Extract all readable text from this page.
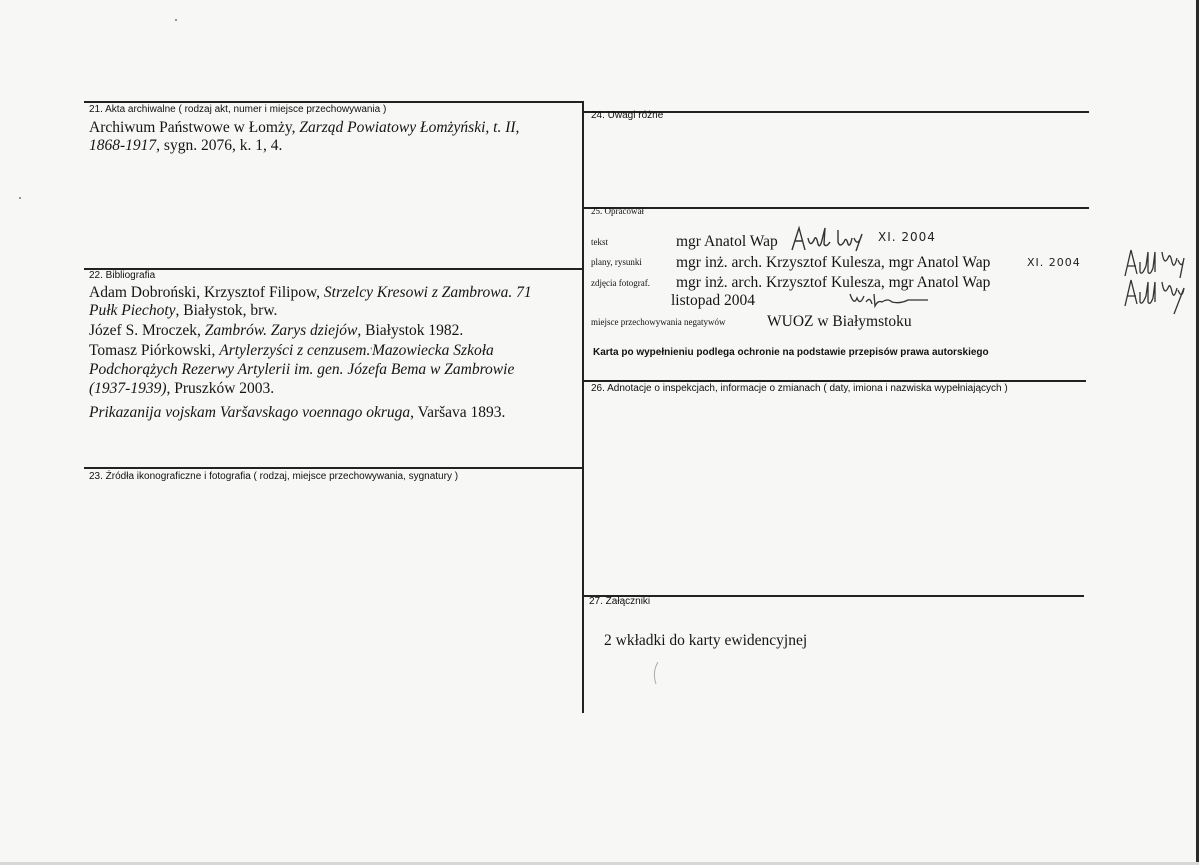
21. Akta archiwalne ( rodzaj akt, numer i miejsce przechowywania )
Archiwum Państwowe w Łomży, Zarząd Powiatowy Łomżyński, t. II,
1868-1917, sygn. 2076, k. 1, 4.
22. Bibliografia
Adam Dobroński, Krzysztof Filipow, Strzelcy Kresowi z Zambrowa. 71
Pułk Piechoty, Białystok, brw.
Józef S. Mroczek, Zambrów. Zarys dziejów, Białystok 1982.
Tomasz Piórkowski, Artylerzyści z cenzusem.'Mazowiecka Szkoła
Podchorążych Rezerwy Artylerii im. gen. Józefa Bema w Zambrowie
(1937-1939), Pruszków 2003.
Prikazanija vojskam Varšavskago voennago okruga, Varšava 1893.
23. Źródła ikonograficzne i fotografia ( rodzaj, miejsce przechowywania, sygnatury )
24. Uwagi różne
25. Opracował
tekst	mgr Anatol Wap	XI. 2004
plany, rysunki mgr inż. arch. Krzysztof Kulesza, mgr Anatol Wap	XI. 2004
zdjęcia fotograf. mgr inż. arch. Krzysztof Kulesza, mgr Anatol Wap
listopad 2004
miejsce przechowywania negatywów	WUOZ w Białymstoku
Karta po wypełnieniu podlega ochronie na podstawie przepisów prawa autorskiego
26. Adnotacje o inspekcjach, informacje o zmianach ( daty, imiona i nazwiska wypełniających )
27. Załączniki
2 wkładki do karty ewidencyjnej
